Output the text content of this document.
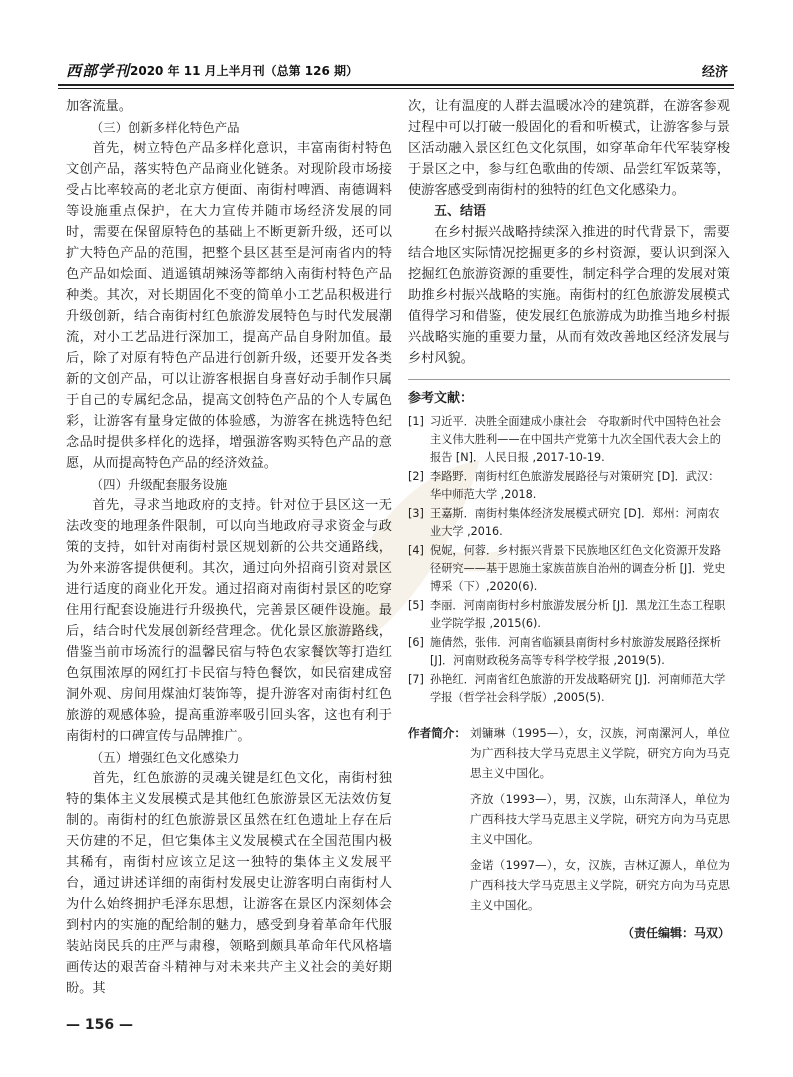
西部学刊 2020 年 11 月上半月刊（总第 126 期）	经济

加客流量。

（三）创新多样化特色产品

首先，树立特色产品多样化意识，丰富南街村特色文创产品，落实特色产品商业化链条。对现阶段市场接受占比率较高的老北京方便面、南街村啤酒、南德调料等设施重点保护，在大力宣传并随市场经济发展的同时，需要在保留原特色的基础上不断更新升级，还可以扩大特色产品的范围，把整个县区甚至是河南省内的特色产品如烩面、逍遥镇胡辣汤等都纳入南街村特色产品种类。其次，对长期固化不变的简单小工艺品积极进行升级创新，结合南街村红色旅游发展特色与时代发展潮流，对小工艺品进行深加工，提高产品自身附加值。最后，除了对原有特色产品进行创新升级，还要开发各类新的文创产品，可以让游客根据自身喜好动手制作只属于自己的专属纪念品，提高文创特色产品的个人专属色彩，让游客有量身定做的体验感，为游客在挑选特色纪念品时提供多样化的选择，增强游客购买特色产品的意愿，从而提高特色产品的经济效益。

（四）升级配套服务设施

首先，寻求当地政府的支持。针对位于县区这一无法改变的地理条件限制，可以向当地政府寻求资金与政策的支持，如针对南街村景区规划新的公共交通路线，为外来游客提供便利。其次，通过向外招商引资对景区进行适度的商业化开发。通过招商对南街村景区的吃穿住用行配套设施进行升级换代，完善景区硬件设施。最后，结合时代发展创新经营理念。优化景区旅游路线，借鉴当前市场流行的温馨民宿与特色农家餐饮等打造红色氛围浓厚的网红打卡民宿与特色餐饮，如民宿建成窑洞外观、房间用煤油灯装饰等，提升游客对南街村红色旅游的观感体验，提高重游率吸引回头客，这也有利于南街村的口碑宣传与品牌推广。

（五）增强红色文化感染力

首先，红色旅游的灵魂关键是红色文化，南街村独特的集体主义发展模式是其他红色旅游景区无法效仿复制的。南街村的红色旅游景区虽然在红色遗址上存在后天仿建的不足，但它集体主义发展模式在全国范围内极其稀有，南街村应该立足这一独特的集体主义发展平台，通过讲述详细的南街村发展史让游客明白南街村人为什么始终拥护毛泽东思想，让游客在景区内深刻体会到村内的实施的配给制的魅力，感受到身着革命年代服装站岗民兵的庄严与肃穆，领略到颇具革命年代风格墙画传达的艰苦奋斗精神与对未来共产主义社会的美好期盼。其

次，让有温度的人群去温暖冰冷的建筑群，在游客参观过程中可以打破一般固化的看和听模式，让游客参与景区活动融入景区红色文化氛围，如穿革命年代军装穿梭于景区之中，参与红色歌曲的传颂、品尝红军饭菜等，使游客感受到南街村的独特的红色文化感染力。

五、结语

在乡村振兴战略持续深入推进的时代背景下，需要结合地区实际情况挖掘更多的乡村资源，要认识到深入挖掘红色旅游资源的重要性，制定科学合理的发展对策助推乡村振兴战略的实施。南街村的红色旅游发展模式值得学习和借鉴，使发展红色旅游成为助推当地乡村振兴战略实施的重要力量，从而有效改善地区经济发展与乡村风貌。

参考文献：
[1] 习近平．决胜全面建成小康社会　夺取新时代中国特色社会主义伟大胜利——在中国共产党第十九次全国代表大会上的报告 [N]．人民日报 ,2017-10-19.
[2] 李路野．南街村红色旅游发展路径与对策研究 [D]．武汉：华中师范大学 ,2018.
[3] 王嘉斯．南街村集体经济发展模式研究 [D]．郑州：河南农业大学 ,2016.
[4] 倪妮，何蓉．乡村振兴背景下民族地区红色文化资源开发路径研究——基于恩施土家族苗族自治州的调查分析 [J]．党史博采（下）,2020(6).
[5] 李丽．河南南街村乡村旅游发展分析 [J]．黑龙江生态工程职业学院学报 ,2015(6).
[6] 施倩然，张伟．河南省临颍县南街村乡村旅游发展路径探析 [J]．河南财政税务高等专科学校学报 ,2019(5).
[7] 孙艳红．河南省红色旅游的开发战略研究 [J]．河南师范大学学报（哲学社会科学版）,2005(5).
作者简介： 刘镛琳（1995—），女，汉族，河南漯河人，单位为广西科技大学马克思主义学院，研究方向为马克思主义中国化。

齐放（1993—），男，汉族，山东菏泽人，单位为广西科技大学马克思主义学院，研究方向为马克思主义中国化。

金诺（1997—），女，汉族，吉林辽源人，单位为广西科技大学马克思主义学院，研究方向为马克思主义中国化。

（责任编辑：马双）
— 156 —
